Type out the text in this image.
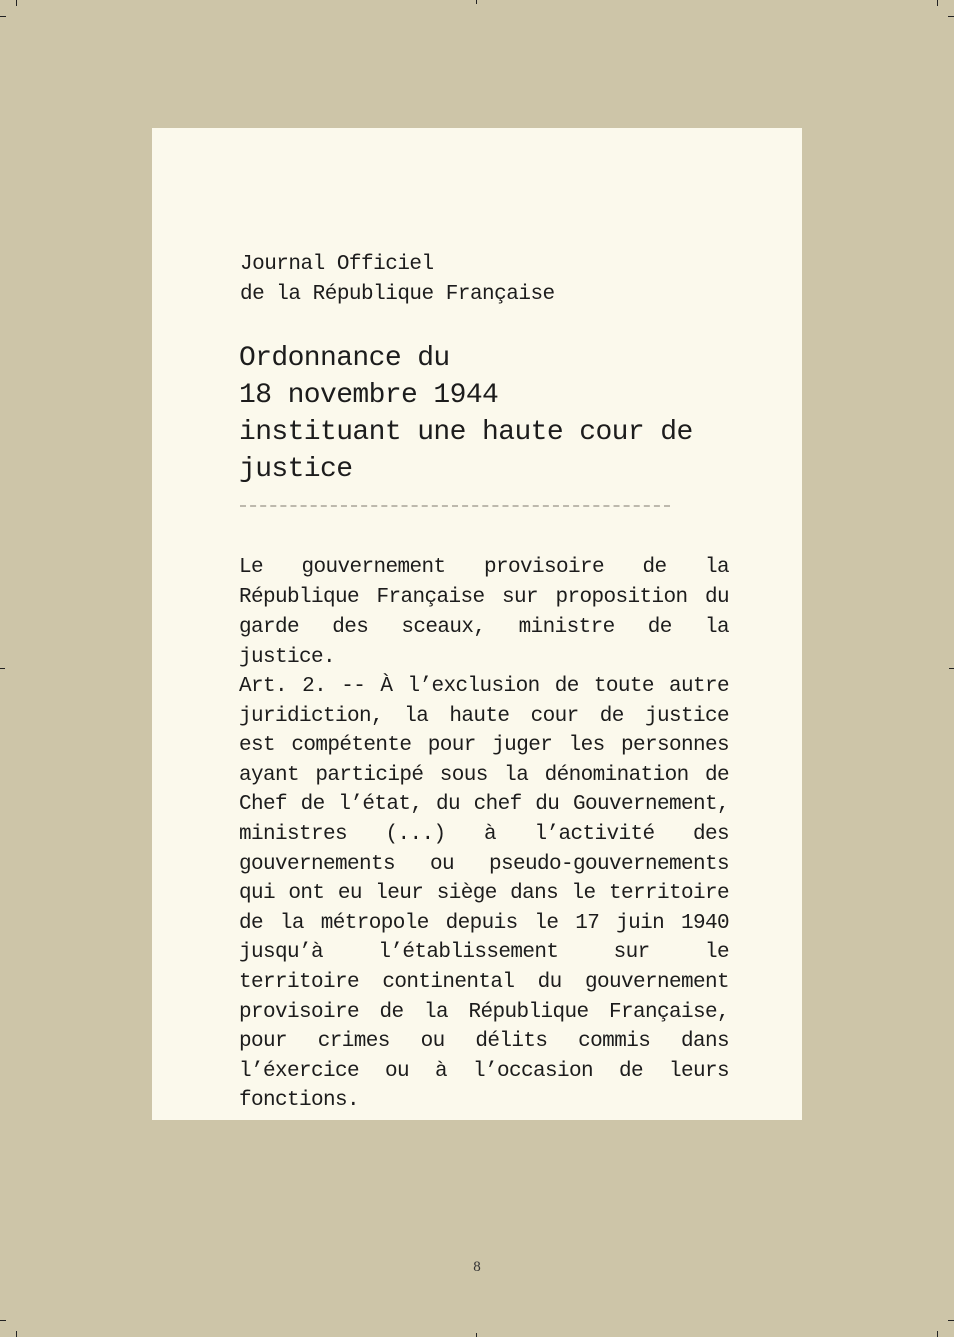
Journal Officiel
de la République Française

Ordonnance du
18 novembre 1944
instituant une haute cour de
justice

Le gouvernement provisoire de la République Française sur proposition du garde des sceaux, ministre de la justice.

Art. 2. -- À l’exclusion de toute autre juridiction, la haute cour de justice est compétente pour juger les personnes ayant participé sous la dénomination de Chef de l’état, du chef du Gouvernement, ministres (...) à l’activité des gouvernements ou pseudo-gouvernements qui ont eu leur siège dans le territoire de la métropole depuis le 17 juin 1940 jusqu’à l’établissement sur le territoire continental du gouvernement provisoire de la République Française, pour crimes ou délits commis dans l’éxercice ou à l’occasion de leurs fonctions.

8
